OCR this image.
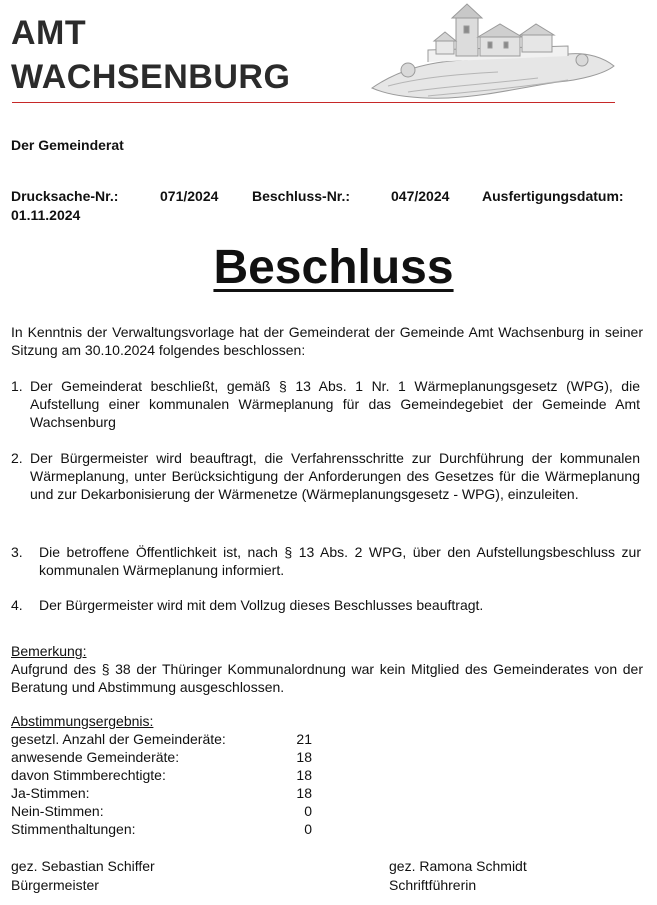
AMT
WACHSENBURG
Der Gemeinderat
Drucksache-Nr.:	071/2024 Beschluss-Nr.:	047/2024 Ausfertigungsdatum:
01.11.2024
Beschluss
In Kenntnis der Verwaltungsvorlage hat der Gemeinderat der Gemeinde Amt Wachsenburg in seiner Sitzung am 30.10.2024 folgendes beschlossen:
1. Der Gemeinderat beschließt, gemäß § 13 Abs. 1 Nr. 1 Wärmeplanungsgesetz (WPG), die Aufstellung einer kommunalen Wärmeplanung für das Gemeindegebiet der Gemeinde Amt Wachsenburg
2. Der Bürgermeister wird beauftragt, die Verfahrensschritte zur Durchführung der kommunalen Wärmeplanung, unter Berücksichtigung der Anforderungen des Gesetzes für die Wärmeplanung und zur Dekarbonisierung der Wärmenetze (Wärmeplanungsgesetz - WPG), einzuleiten.
3. Die betroffene Öffentlichkeit ist, nach § 13 Abs. 2 WPG, über den Aufstellungsbeschluss zur kommunalen Wärmeplanung informiert.
4. Der Bürgermeister wird mit dem Vollzug dieses Beschlusses beauftragt.
Bemerkung:
Aufgrund des § 38 der Thüringer Kommunalordnung war kein Mitglied des Gemeinderates von der Beratung und Abstimmung ausgeschlossen.
Abstimmungsergebnis:
gesetzl. Anzahl der Gemeinderäte:	21
anwesende Gemeinderäte:	18
davon Stimmberechtigte:	18
Ja-Stimmen:	18
Nein-Stimmen:	0
Stimmenthaltungen:	0
gez. Sebastian Schiffer
Bürgermeister
gez. Ramona Schmidt
Schriftführerin
